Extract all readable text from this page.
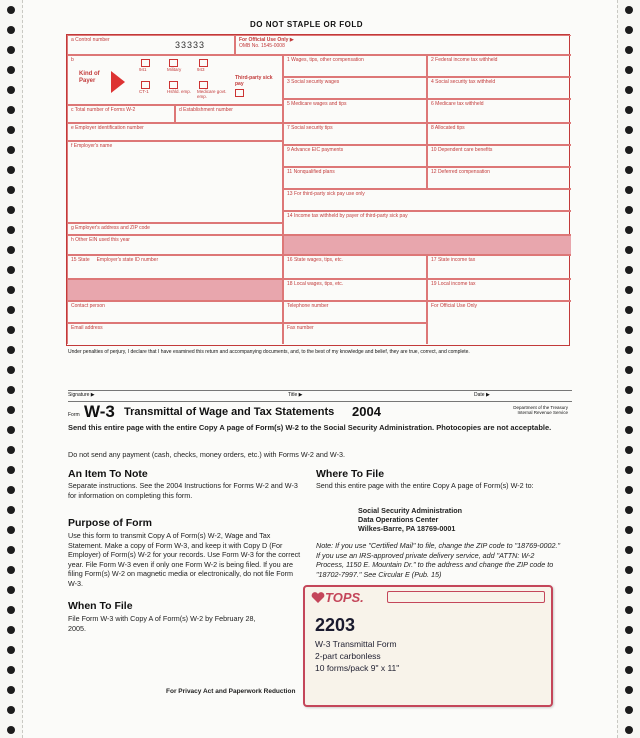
DO NOT STAPLE OR FOLD
a Control number	33333	For Official Use Only ▶
OMB No. 1545-0008
b
Kind of Payer
941	Military	943
CT-1	Hshld. emp.	Medicare govt. emp.
Third-party sick pay
c Total number of Forms W-2	d Establishment number
e Employer identification number
f Employer's name
g Employer's address and ZIP code
h Other EIN used this year
1 Wages, tips, other compensation	2 Federal income tax withheld
3 Social security wages	4 Social security tax withheld
5 Medicare wages and tips	6 Medicare tax withheld
7 Social security tips	8 Allocated tips
9 Advance EIC payments	10 Dependent care benefits
11 Nonqualified plans	12 Deferred compensation
13 For third-party sick pay use only
14 Income tax withheld by payer of third-party sick pay
15 State Employer's state ID number	16 State wages, tips, etc.	17 State income tax
18 Local wages, tips, etc.	19 Local income tax
Contact person	Telephone number	For Official Use Only
Email address	Fax number
Under penalties of perjury, I declare that I have examined this return and accompanying documents, and, to the best of my knowledge and belief, they are true, correct, and complete.
Signature ▶	Title ▶	Date ▶
Form W-3 Transmittal of Wage and Tax Statements 2004	Department of the Treasury Internal Revenue Service
Send this entire page with the entire Copy A page of Form(s) W-2 to the Social Security Administration. Photocopies are not acceptable.
Do not send any payment (cash, checks, money orders, etc.) with Forms W-2 and W-3.
An Item To Note
Separate instructions. See the 2004 Instructions for Forms W-2 and W-3 for information on completing this form.
Purpose of Form
Use this form to transmit Copy A of Form(s) W-2, Wage and Tax Statement. Make a copy of Form W-3, and keep it with Copy D (For Employer) of Form(s) W-2 for your records. Use Form W-3 for the correct year. File Form W-3 even if only one Form W-2 is being filed. If you are filing Form(s) W-2 on magnetic media or electronically, do not file Form W-3.
When To File
File Form W-3 with Copy A of Form(s) W-2 by February 28, 2005.
Where To File
Send this entire page with the entire Copy A page of Form(s) W-2 to:
Social Security Administration
Data Operations Center
Wilkes-Barre, PA 18769-0001
Note: If you use "Certified Mail" to file, change the ZIP code to "18769-0002." If you use an IRS-approved private delivery service, add "ATTN: W-2 Process, 1150 E. Mountain Dr." to the address and change the ZIP code to "18702-7997." See Circular E (Pub. 15)
For Privacy Act and Paperwork Reduction
TOPS.
2203
W-3 Transmittal Form
2-part carbonless
10 forms/pack 9" x 11"
